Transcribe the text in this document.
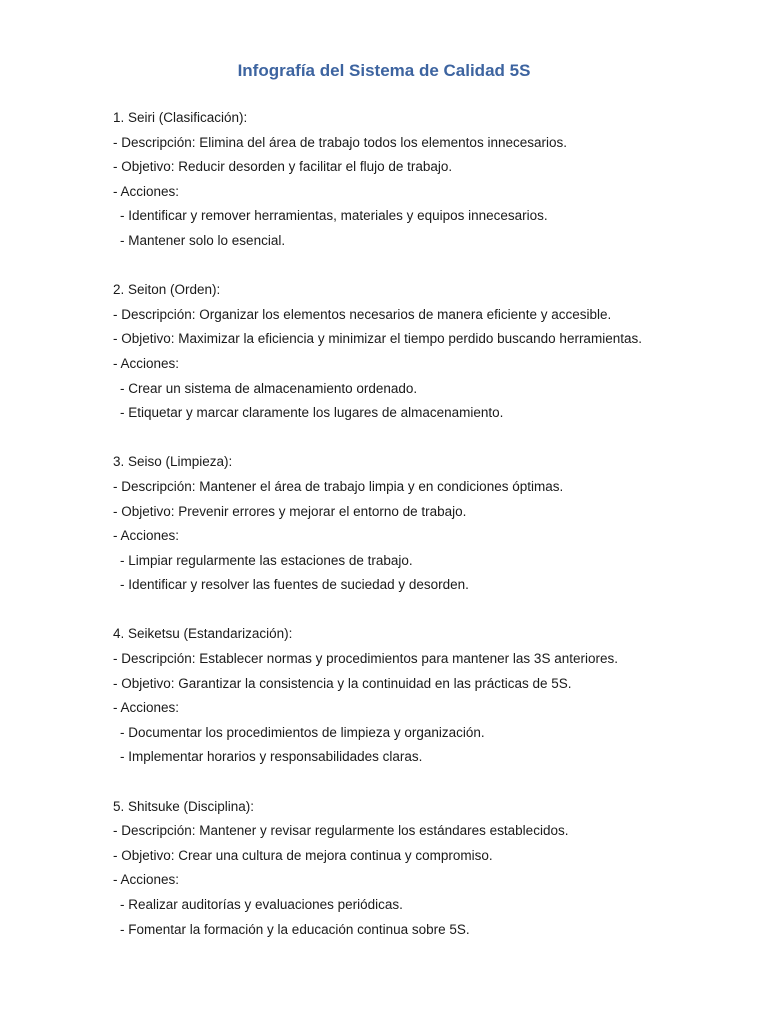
Infografía del Sistema de Calidad 5S
1. Seiri (Clasificación):
- Descripción: Elimina del área de trabajo todos los elementos innecesarios.
- Objetivo: Reducir desorden y facilitar el flujo de trabajo.
- Acciones:
- Identificar y remover herramientas, materiales y equipos innecesarios.
- Mantener solo lo esencial.
2. Seiton (Orden):
- Descripción: Organizar los elementos necesarios de manera eficiente y accesible.
- Objetivo: Maximizar la eficiencia y minimizar el tiempo perdido buscando herramientas.
- Acciones:
- Crear un sistema de almacenamiento ordenado.
- Etiquetar y marcar claramente los lugares de almacenamiento.
3. Seiso (Limpieza):
- Descripción: Mantener el área de trabajo limpia y en condiciones óptimas.
- Objetivo: Prevenir errores y mejorar el entorno de trabajo.
- Acciones:
- Limpiar regularmente las estaciones de trabajo.
- Identificar y resolver las fuentes de suciedad y desorden.
4. Seiketsu (Estandarización):
- Descripción: Establecer normas y procedimientos para mantener las 3S anteriores.
- Objetivo: Garantizar la consistencia y la continuidad en las prácticas de 5S.
- Acciones:
- Documentar los procedimientos de limpieza y organización.
- Implementar horarios y responsabilidades claras.
5. Shitsuke (Disciplina):
- Descripción: Mantener y revisar regularmente los estándares establecidos.
- Objetivo: Crear una cultura de mejora continua y compromiso.
- Acciones:
- Realizar auditorías y evaluaciones periódicas.
- Fomentar la formación y la educación continua sobre 5S.
